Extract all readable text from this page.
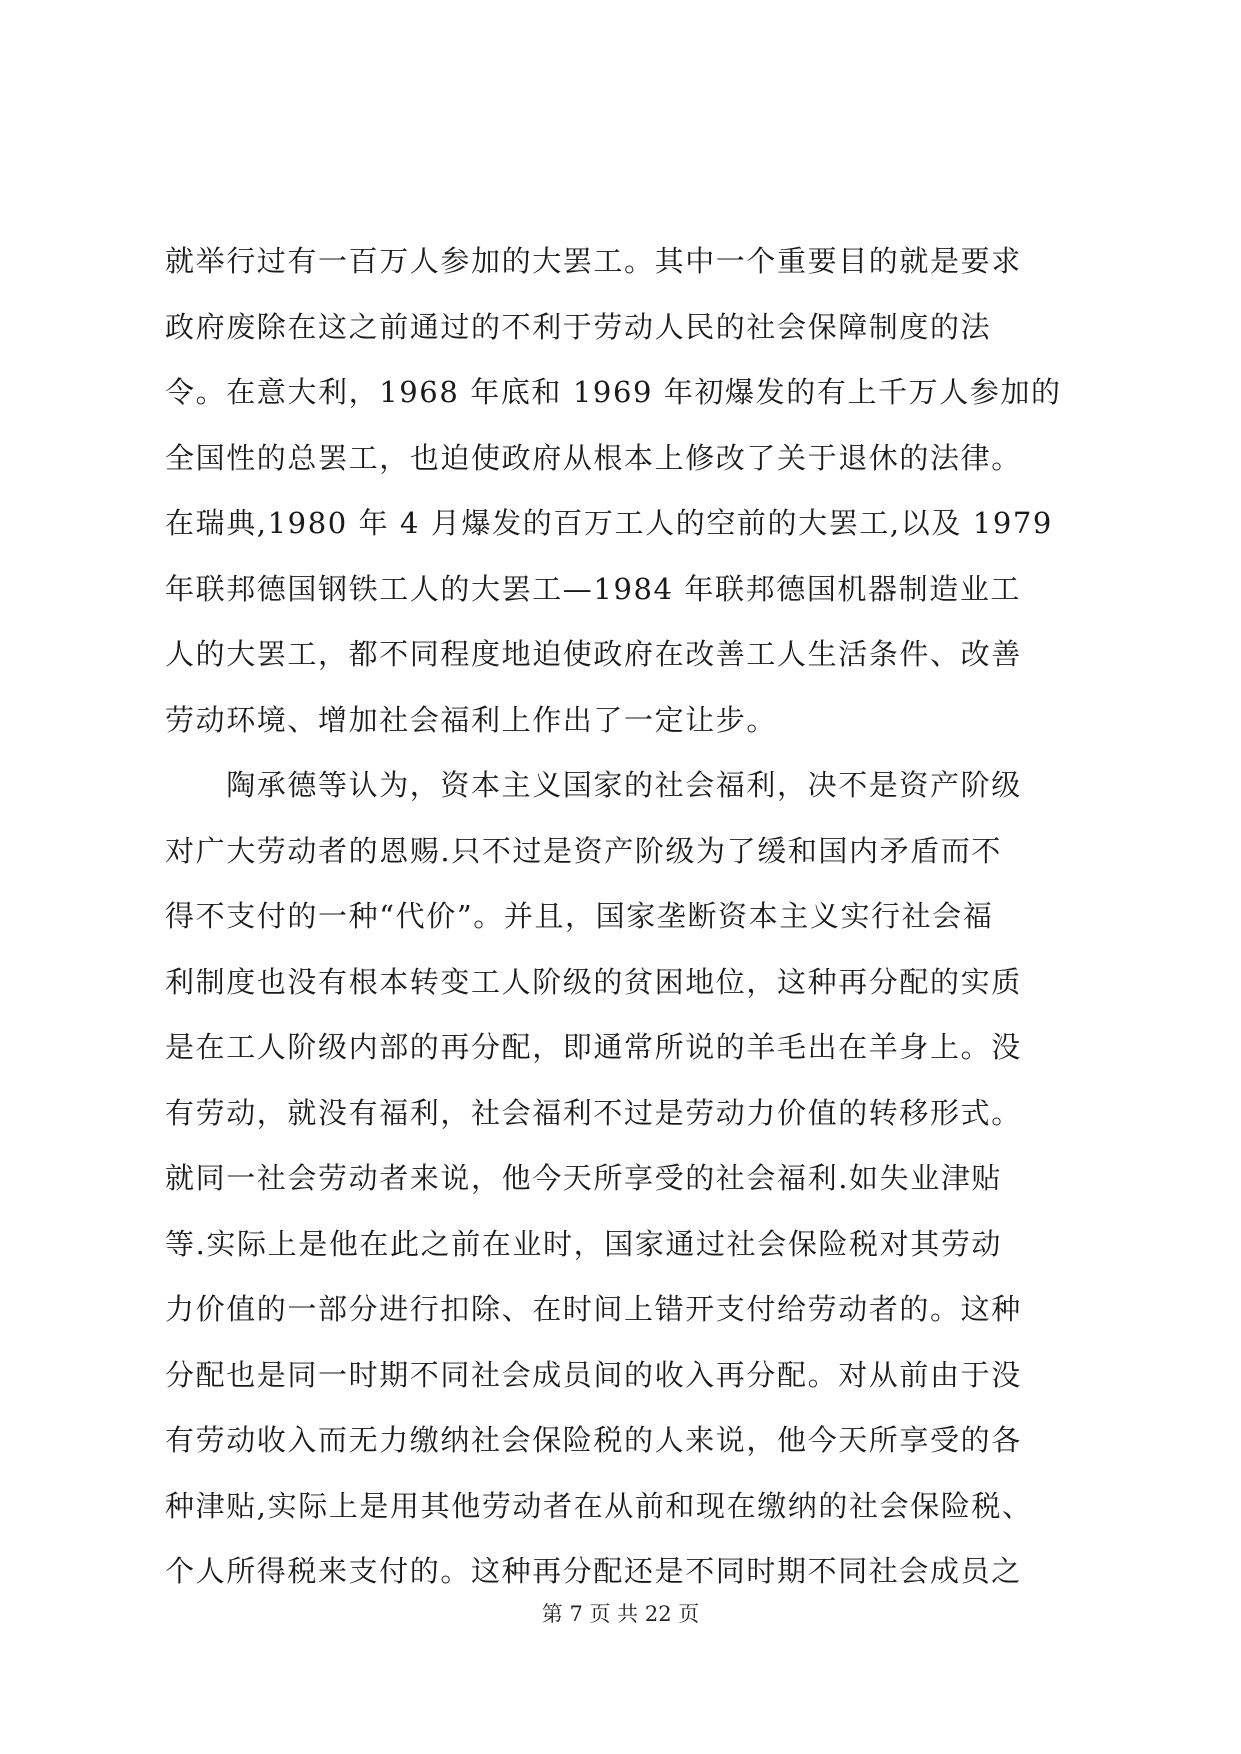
就举行过有一百万人参加的大罢工。其中一个重要目的就是要求
政府废除在这之前通过的不利于劳动人民的社会保障制度的法
令。在意大利，1968 年底和 1969 年初爆发的有上千万人参加的
全国性的总罢工，也迫使政府从根本上修改了关于退休的法律。
在瑞典,1980 年 4 月爆发的百万工人的空前的大罢工,以及 1979
年联邦德国钢铁工人的大罢工—1984 年联邦德国机器制造业工
人的大罢工，都不同程度地迫使政府在改善工人生活条件、改善
劳动环境、增加社会福利上作出了一定让步。
　　陶承德等认为，资本主义国家的社会福利，决不是资产阶级
对广大劳动者的恩赐.只不过是资产阶级为了缓和国内矛盾而不
得不支付的一种“代价”。并且，国家垄断资本主义实行社会福
利制度也没有根本转变工人阶级的贫困地位，这种再分配的实质
是在工人阶级内部的再分配，即通常所说的羊毛出在羊身上。没
有劳动，就没有福利，社会福利不过是劳动力价值的转移形式。
就同一社会劳动者来说，他今天所享受的社会福利.如失业津贴
等.实际上是他在此之前在业时，国家通过社会保险税对其劳动
力价值的一部分进行扣除、在时间上错开支付给劳动者的。这种
分配也是同一时期不同社会成员间的收入再分配。对从前由于没
有劳动收入而无力缴纳社会保险税的人来说，他今天所享受的各
种津贴,实际上是用其他劳动者在从前和现在缴纳的社会保险税、
个人所得税来支付的。这种再分配还是不同时期不同社会成员之
第 7 页 共 22 页
